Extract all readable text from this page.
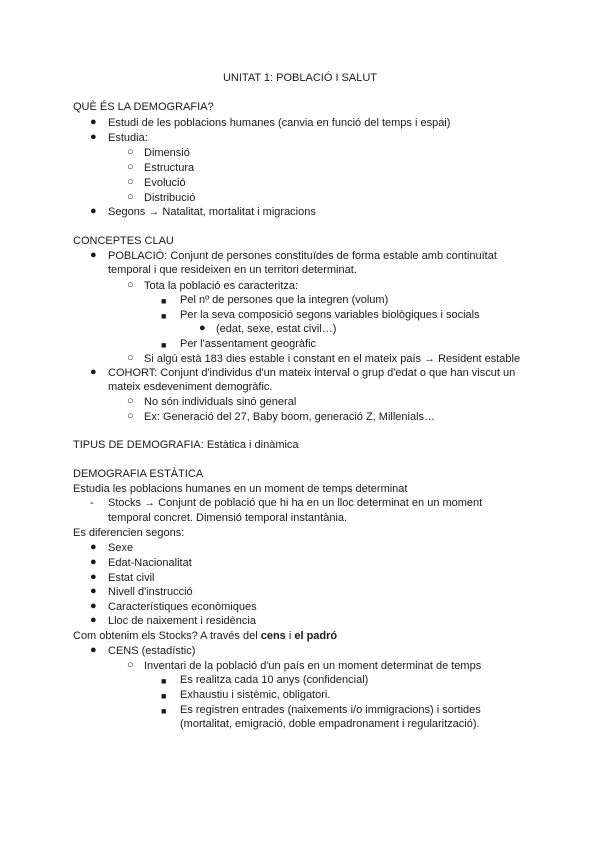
UNITAT 1: POBLACIÓ I SALUT
QUÈ ÉS LA DEMOGRAFIA?
● Estudi de les poblacions humanes (canvia en funció del temps i espai)
● Estudia:
○ Dimensió
○ Estructura
○ Evolució
○ Distribució
● Segons → Natalitat, mortalitat i migracions
CONCEPTES CLAU
● POBLACIÓ: Conjunt de persones constituïdes de forma estable amb continuïtat
temporal i que resideixen en un territori determinat.
○ Tota la població es caracteritza:
■ Pel nº de persones que la integren (volum)
■ Per la seva composició segons variables biològiques i socials
● (edat, sexe, estat civil…)
■ Per l'assentament geogràfic
○ Si algú està 183 dies estable i constant en el mateix país → Resident estable
● COHORT: Conjunt d'individus d'un mateix interval o grup d'edat o que han viscut un
mateix esdeveniment demogràfic.
○ No són individuals sinó general
○ Ex: Generació del 27, Baby boom, generació Z, Millenials…
TIPUS DE DEMOGRAFIA: Estàtica i dinàmica
DEMOGRAFIA ESTÀTICA
Estudia les poblacions humanes en un moment de temps determinat
- Stocks → Conjunt de població que hi ha en un lloc determinat en un moment
temporal concret. Dimensió temporal instantània.
Es diferencien segons:
● Sexe
● Edat-Nacionalitat
● Estat civil
● Nivell d'instrucció
● Característiques econòmiques
● Lloc de naixement i residència
Com obtenim els Stocks? A través del cens i el padró
● CENS (estadístic)
○ Inventari de la població d'un país en un moment determinat de temps
■ Es realitza cada 10 anys (confidencial)
■ Exhaustiu i sistèmic, obligatori.
■ Es registren entrades (naixements i/o immigracions) i sortides
(mortalitat, emigració, doble empadronament i regularització).
